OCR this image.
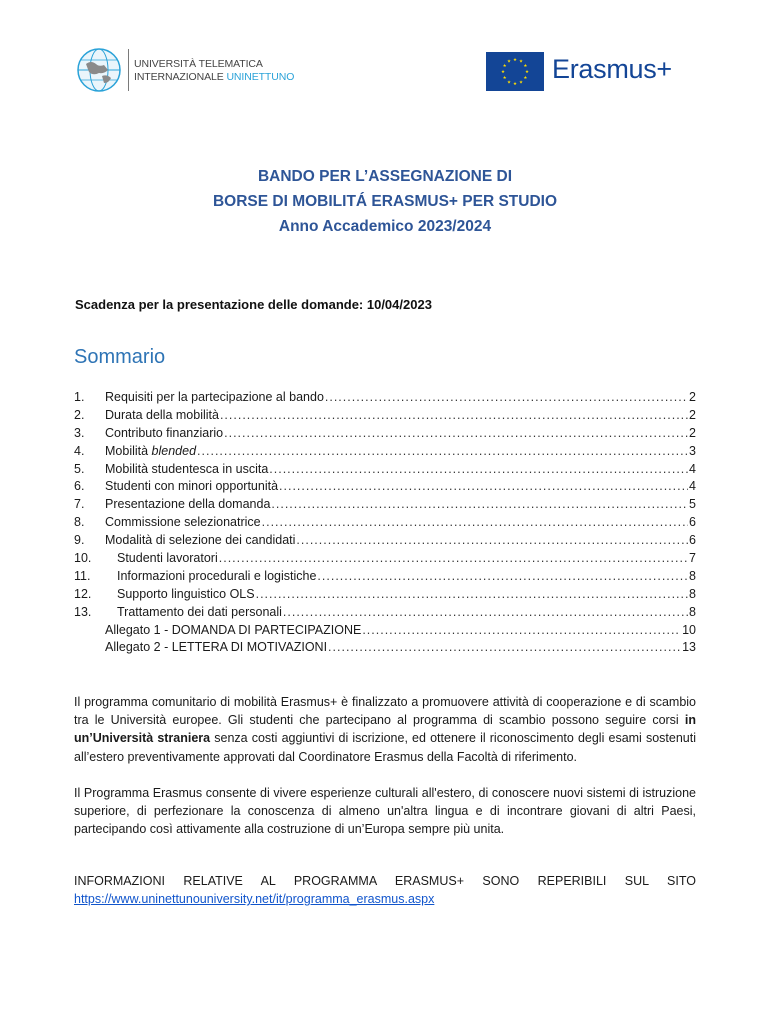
UNIVERSITÀ TELEMATICA
INTERNAZIONALE UNINETTUNO
★ ★
★
★
★
★
★
★
★
★
★
★ Erasmus+
BANDO PER L’ASSEGNAZIONE DI
BORSE DI MOBILITÁ ERASMUS+ PER STUDIO
Anno Accademico 2023/2024
Scadenza per la presentazione delle domande: 10/04/2023
Sommario
1.	Requisiti per la partecipazione al bando .....	2
2.	Durata della mobilità .....	2
3.	Contributo finanziario .....	2
4.	Mobilità blended .....	3
5.	Mobilità studentesca in uscita .....	4
6.	Studenti con minori opportunità .....	4
7.	Presentazione della domanda .....	5
8.	Commissione selezionatrice .....	6
9.	Modalità di selezione dei candidati .....	6
10.	Studenti lavoratori .....	7
11.	Informazioni procedurali e logistiche .....	8
12.	Supporto linguistico OLS .....	8
13.	Trattamento dei dati personali .....	8
Allegato 1 - DOMANDA DI PARTECIPAZIONE .....	10
Allegato 2 - LETTERA DI MOTIVAZIONI .....	13
Il programma comunitario di mobilità Erasmus+ è finalizzato a promuovere attività di cooperazione e di scambio tra le Università europee. Gli studenti che partecipano al programma di scambio possono seguire corsi in un’Università straniera senza costi aggiuntivi di iscrizione, ed ottenere il riconoscimento degli esami sostenuti all’estero preventivamente approvati dal Coordinatore Erasmus della Facoltà di riferimento.
Il Programma Erasmus consente di vivere esperienze culturali all'estero, di conoscere nuovi sistemi di istruzione superiore, di perfezionare la conoscenza di almeno un'altra lingua e di incontrare giovani di altri Paesi, partecipando così attivamente alla costruzione di un’Europa sempre più unita.
INFORMAZIONI RELATIVE AL PROGRAMMA ERASMUS+ SONO REPERIBILI SUL SITO
https://www.uninettunouniversity.net/it/programma_erasmus.aspx
